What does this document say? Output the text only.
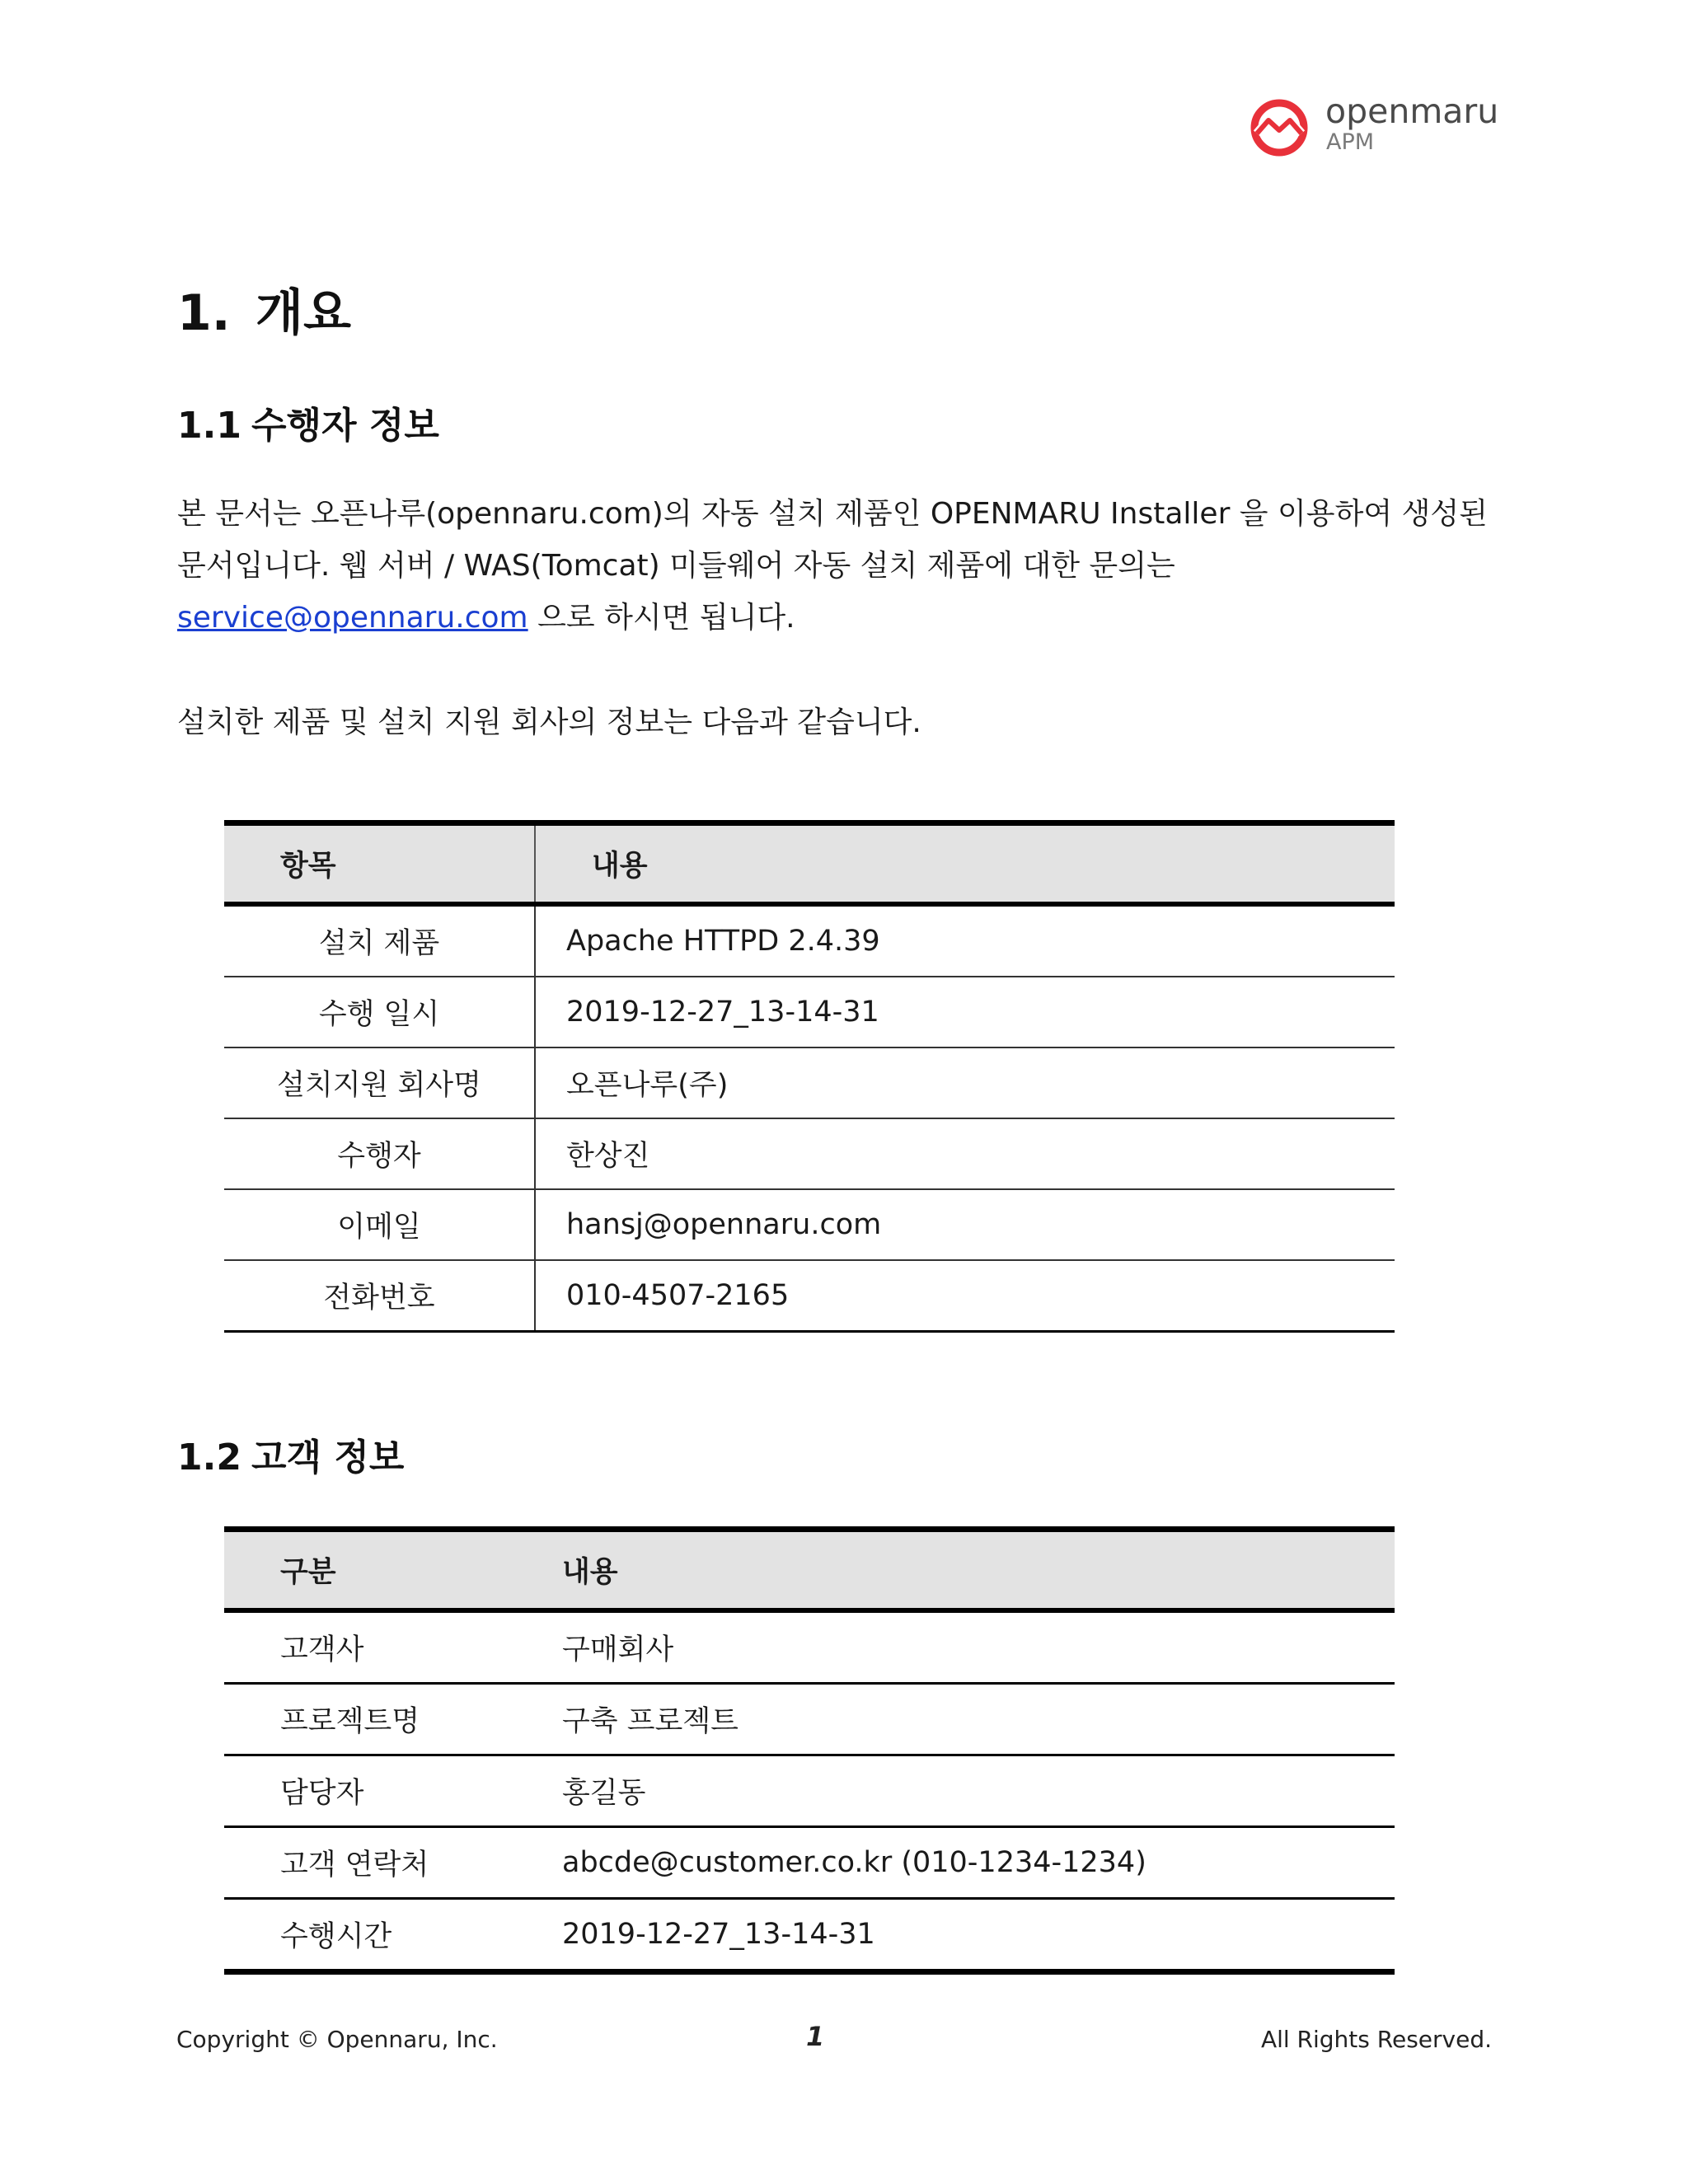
openmaru
APM
1. 개요
1.1 수행자 정보
본 문서는 오픈나루(opennaru.com)의 자동 설치 제품인 OPENMARU Installer 을 이용하여 생성된
문서입니다. 웹 서버 / WAS(Tomcat) 미들웨어 자동 설치 제품에 대한 문의는
service@opennaru.com 으로 하시면 됩니다.
설치한 제품 및 설치 지원 회사의 정보는 다음과 같습니다.
항목	내용
설치 제품	Apache HTTPD 2.4.39
수행 일시	2019-12-27_13-14-31
설치지원 회사명	오픈나루(주)
수행자	한상진
이메일	hansj@opennaru.com
전화번호	010-4507-2165
1.2 고객 정보
구분	내용
고객사	구매회사
프로젝트명	구축 프로젝트
담당자	홍길동
고객 연락처	abcde@customer.co.kr (010-1234-1234)
수행시간	2019-12-27_13-14-31
Copyright © Opennaru, Inc.	1	All Rights Reserved.
